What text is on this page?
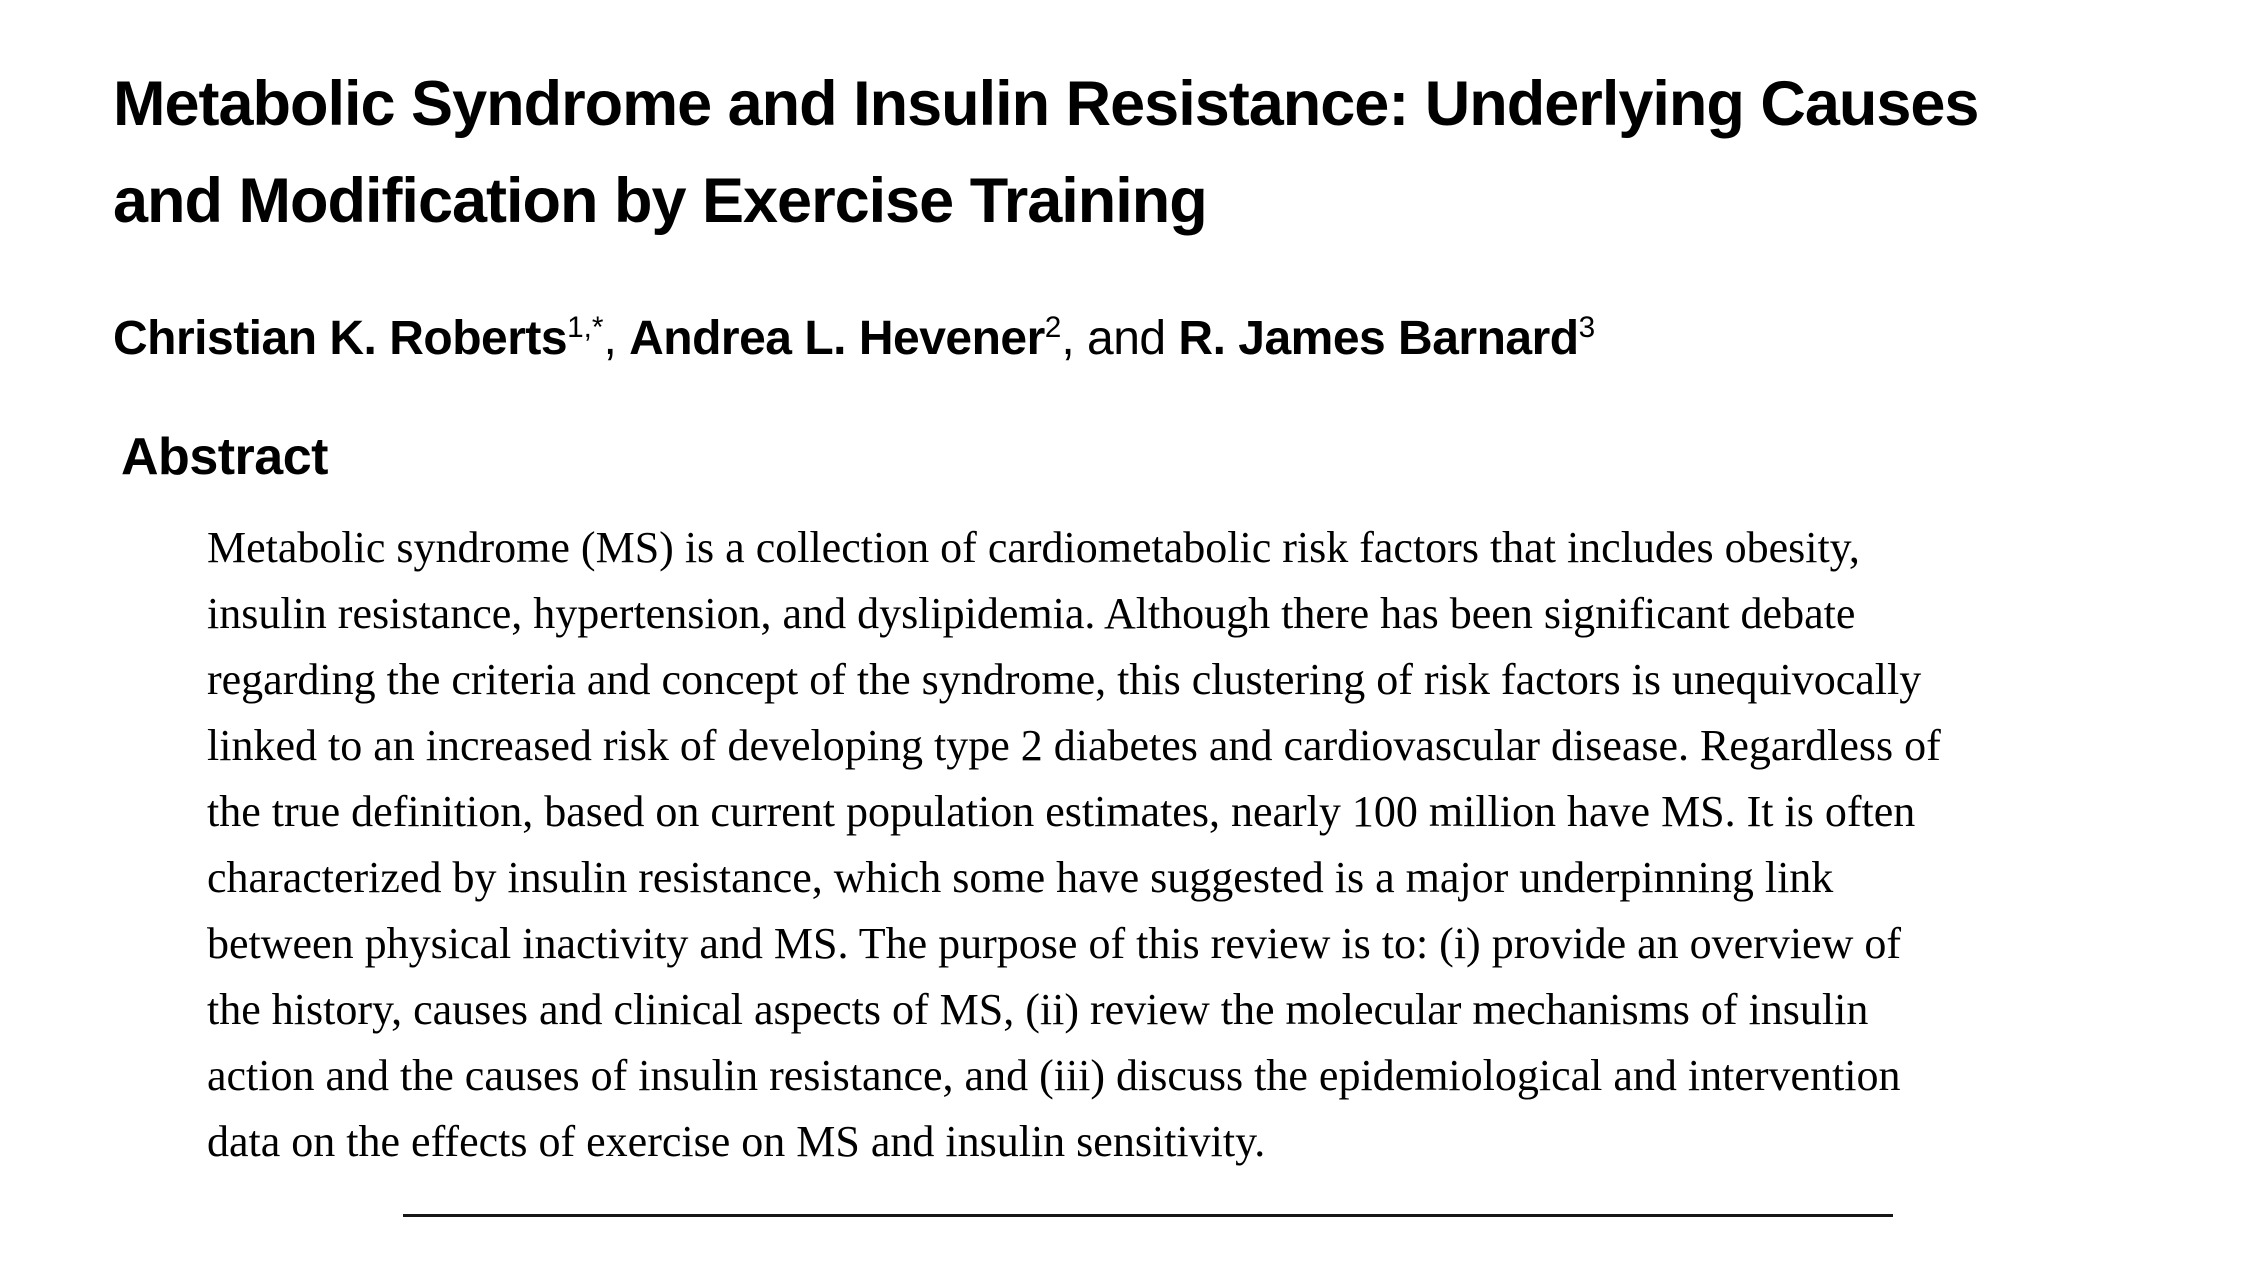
Metabolic Syndrome and Insulin Resistance: Underlying Causes
and Modification by Exercise Training
Christian K. Roberts$^{1,*}$, Andrea L. Hevener$^2$, and R. James Barnard$^3$
Abstract
Metabolic syndrome (MS) is a collection of cardiometabolic risk factors that includes obesity,
insulin resistance, hypertension, and dyslipidemia. Although there has been significant debate
regarding the criteria and concept of the syndrome, this clustering of risk factors is unequivocally
linked to an increased risk of developing type 2 diabetes and cardiovascular disease. Regardless of
the true definition, based on current population estimates, nearly 100 million have MS. It is often
characterized by insulin resistance, which some have suggested is a major underpinning link
between physical inactivity and MS. The purpose of this review is to: (i) provide an overview of
the history, causes and clinical aspects of MS, (ii) review the molecular mechanisms of insulin
action and the causes of insulin resistance, and (iii) discuss the epidemiological and intervention
data on the effects of exercise on MS and insulin sensitivity.
